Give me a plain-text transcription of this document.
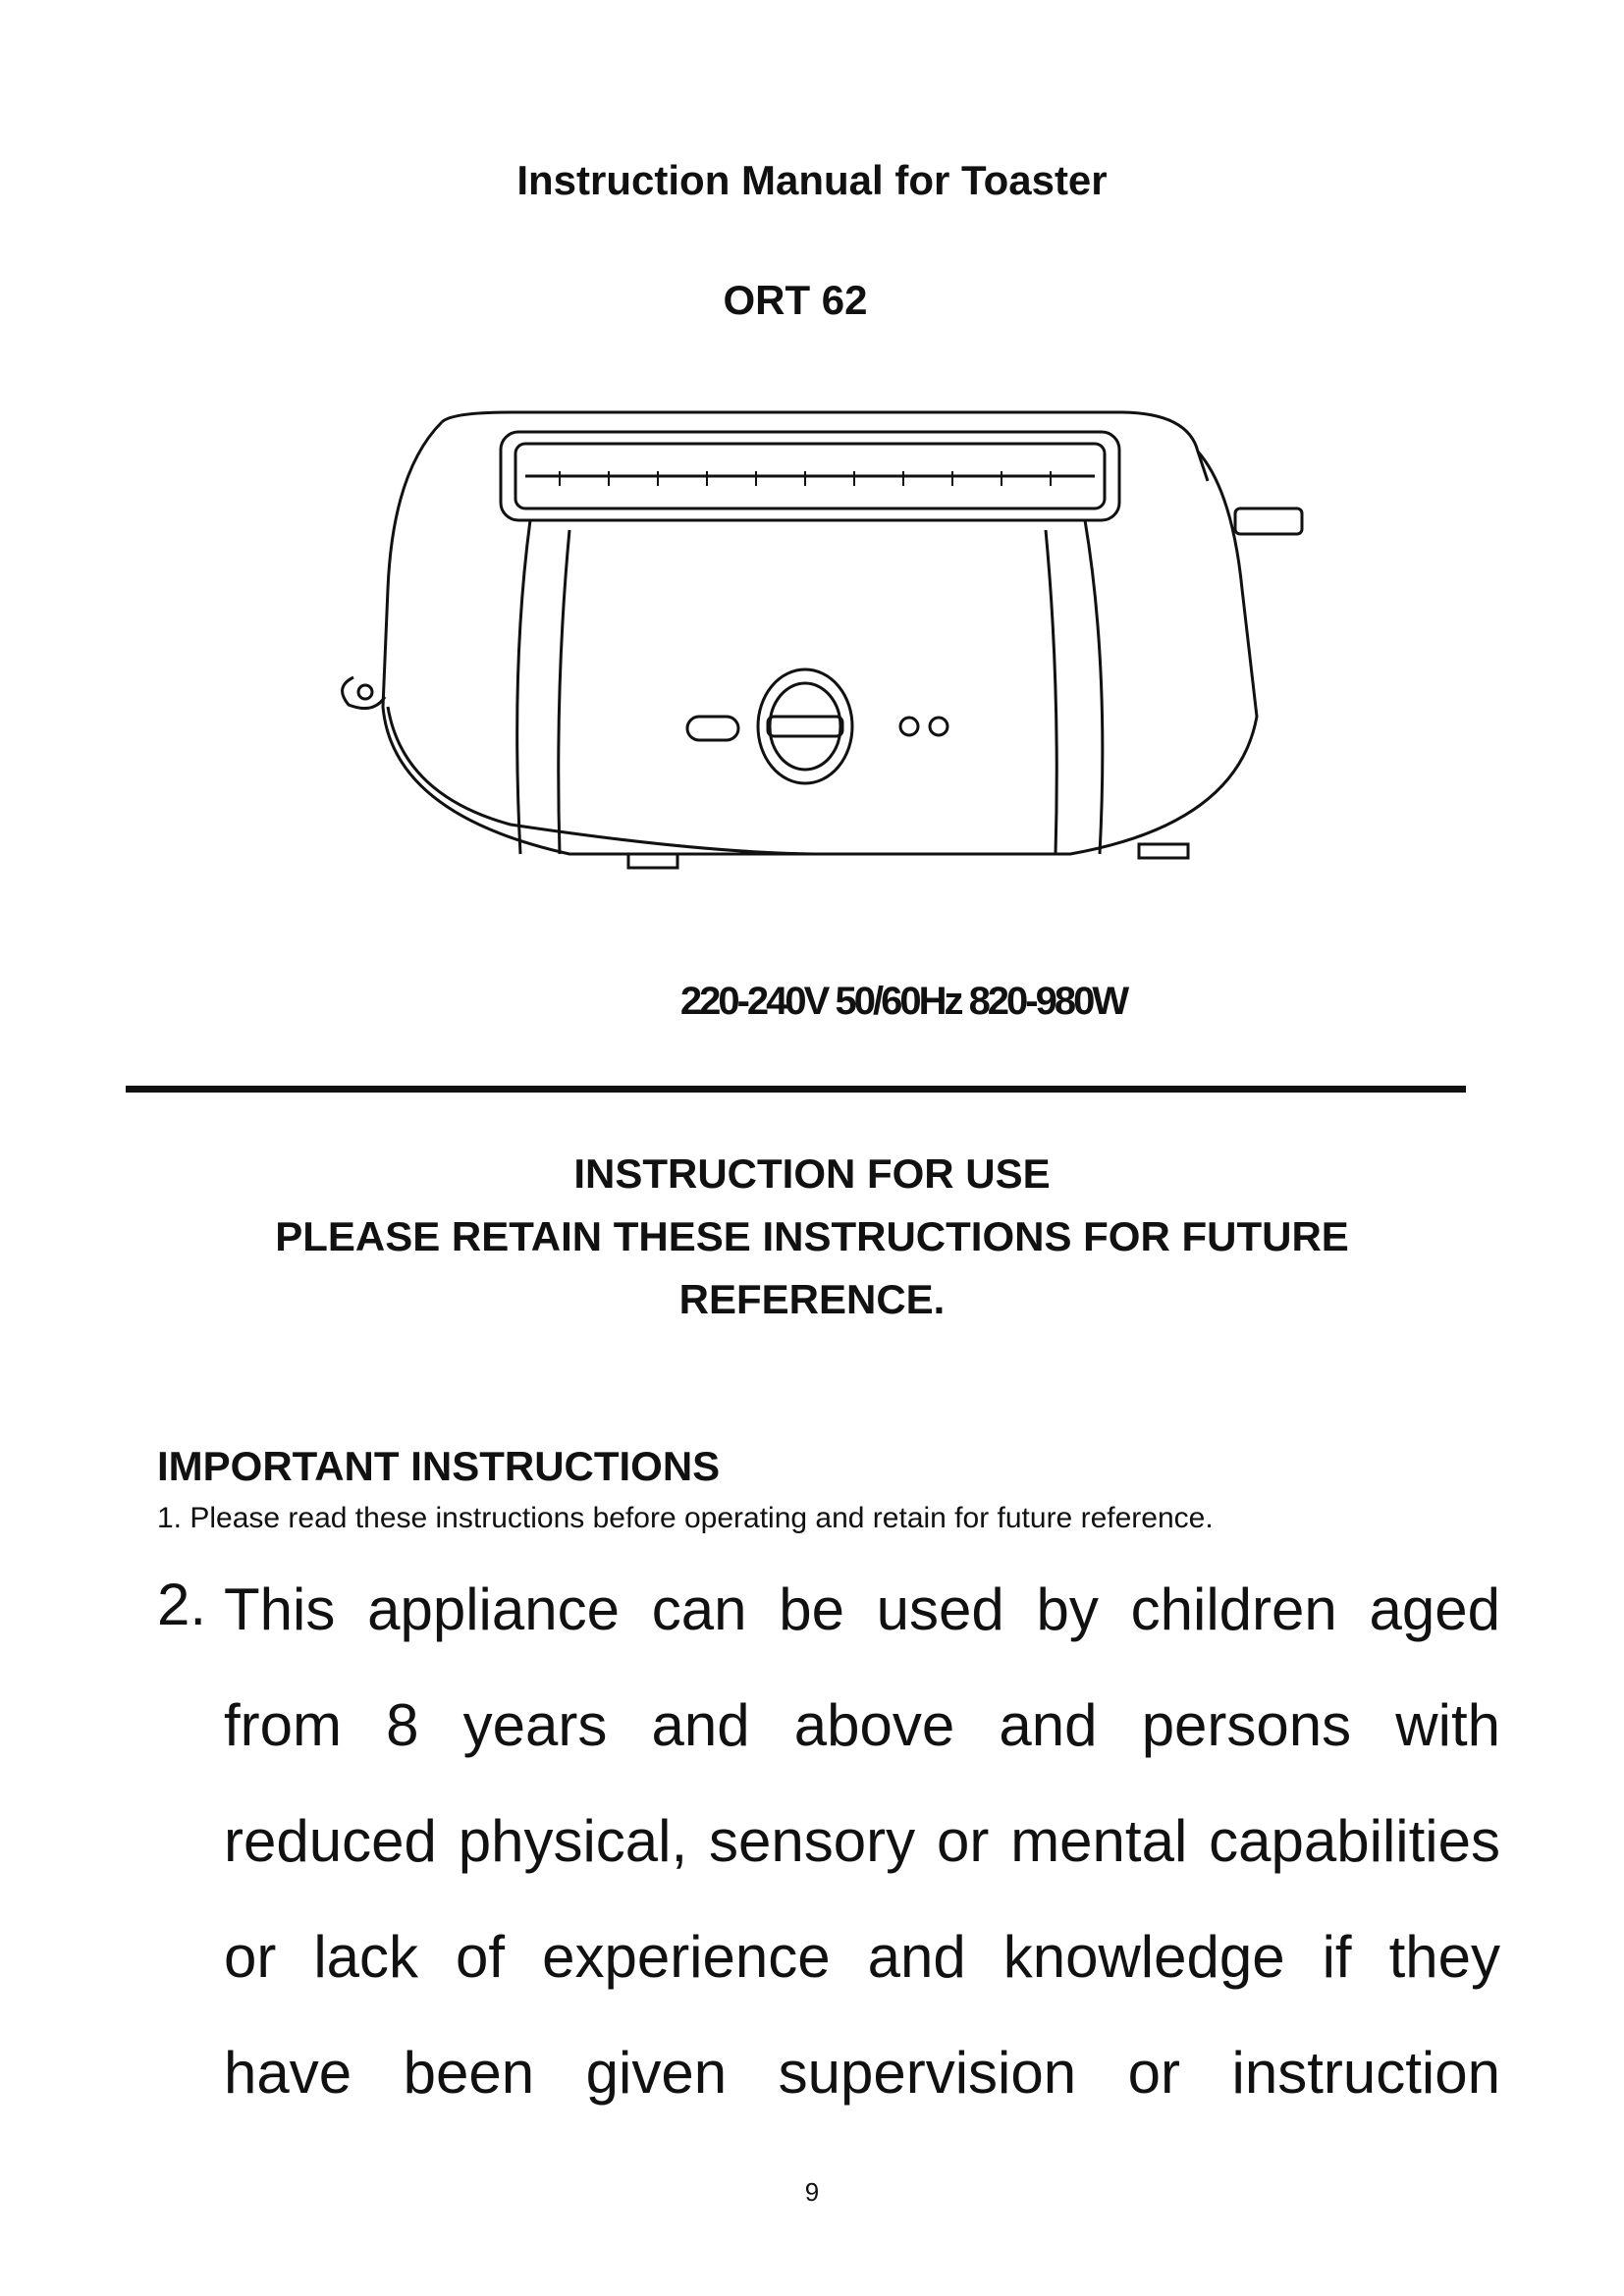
Instruction Manual for Toaster
ORT 62
220-240V 50/60Hz 820-980W
INSTRUCTION FOR USE
PLEASE RETAIN THESE INSTRUCTIONS FOR FUTURE REFERENCE.
IMPORTANT INSTRUCTIONS
1. Please read these instructions before operating and retain for future reference.
2. This appliance can be used by children aged
from 8 years and above and persons with
reduced physical, sensory or mental capabilities
or lack of experience and knowledge if they
have been given supervision or instruction
9
